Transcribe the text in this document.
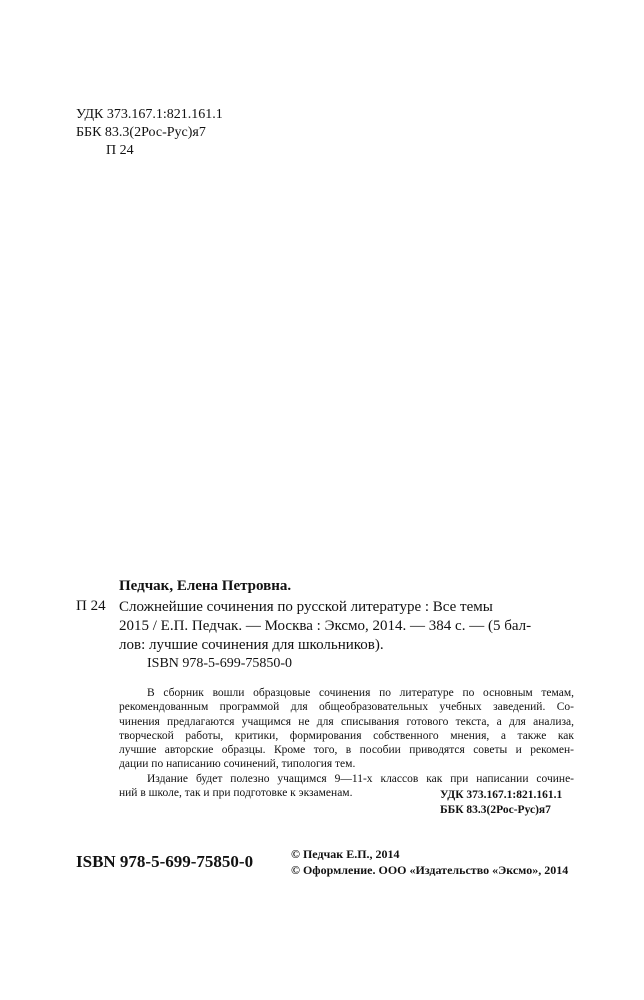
УДК 373.167.1:821.161.1
ББК 83.3(2Рос-Рус)я7
П 24
Педчак, Елена Петровна.
П 24 Сложнейшие сочинения по русской литературе : Все темы
2015 / Е.П. Педчак. — Москва : Эксмо, 2014. — 384 с. — (5 бал-
лов: лучшие сочинения для школьников).
ISBN 978-5-699-75850-0

В сборник вошли образцовые сочинения по литературе по основным темам,
рекомендованным программой для общеобразовательных учебных заведений. Со-
чинения предлагаются учащимся не для списывания готового текста, а для анализа,
творческой работы, критики, формирования собственного мнения, а также как
лучшие авторские образцы. Кроме того, в пособии приводятся советы и рекомен-
дации по написанию сочинений, типология тем.

Издание будет полезно учащимся 9—11-х классов как при написании сочине-
ний в школе, так и при подготовке к экзаменам.	УДК 373.167.1:821.161.1
ББК 83.3(2Рос-Рус)я7
ISBN 978-5-699-75850-0	© Педчак Е.П., 2014
© Оформление. ООО «Издательство «Эксмо», 2014
